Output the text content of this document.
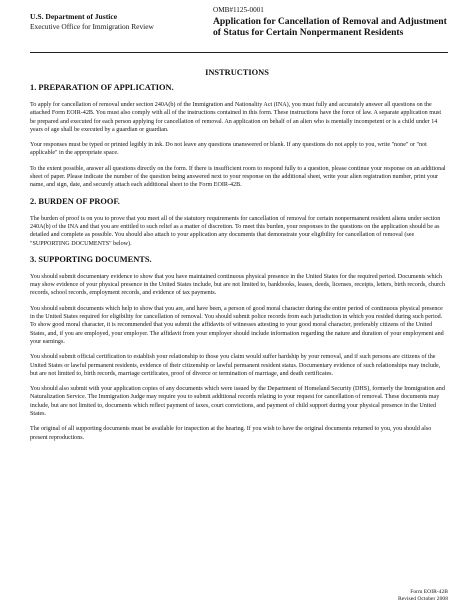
U.S. Department of Justice
Executive Office for Immigration Review
OMB#1125-0001
Application for Cancellation of Removal and Adjustment
of Status for Certain Nonpermanent Residents
INSTRUCTIONS
1. PREPARATION OF APPLICATION.

To apply for cancellation of removal under section 240A(b) of the Immigration and Nationality Act (INA), you must fully and accurately answer all questions on the attached Form EOIR-42B. You must also comply with all of the instructions contained in this form. These instructions have the force of law. A separate application must be prepared and executed for each person applying for cancellation of removal. An application on behalf of an alien who is mentally incompetent or is a child under 14 years of age shall be executed by a guardian or guardian.

Your responses must be typed or printed legibly in ink. Do not leave any questions unanswered or blank. If any questions do not apply to you, write "none" or "not applicable" in the appropriate space.

To the extent possible, answer all questions directly on the form. If there is insufficient room to respond fully to a question, please continue your response on an additional sheet of paper. Please indicate the number of the question being answered next to your response on the additional sheet, write your alien registration number, print your name, and sign, date, and securely attach each additional sheet to the Form EOIR-42B.

2. BURDEN OF PROOF.

The burden of proof is on you to prove that you meet all of the statutory requirements for cancellation of removal for certain nonpermanent resident aliens under section 240A(b) of the INA and that you are entitled to such relief as a matter of discretion. To meet this burden, your responses to the questions on the application should be as detailed and complete as possible. You should also attach to your application any documents that demonstrate your eligibility for cancellation of removal (see "SUPPORTING DOCUMENTS" below).

3. SUPPORTING DOCUMENTS.

You should submit documentary evidence to show that you have maintained continuous physical presence in the United States for the required period. Documents which may show evidence of your physical presence in the United States include, but are not limited to, bankbooks, leases, deeds, licenses, receipts, letters, birth records, church records, school records, employment records, and evidence of tax payments.

You should submit documents which help to show that you are, and have been, a person of good moral character during the entire period of continuous physical presence in the United States required for eligibility for cancellation of removal. You should submit police records from each jurisdiction in which you resided during such period. To show good moral character, it is recommended that you submit the affidavits of witnesses attesting to your good moral character, preferably citizens of the United States, and, if you are employed, your employer. The affidavit from your employer should include information regarding the nature and duration of your employment and your earnings.

You should submit official certification to establish your relationship to those you claim would suffer hardship by your removal, and if such persons are citizens of the United States or lawful permanent residents, evidence of their citizenship or lawful permanent resident status. Documentary evidence of such relationships may include, but are not limited to, birth records, marriage certificates, proof of divorce or termination of marriage, and death certificates.

You should also submit with your application copies of any documents which were issued by the Department of Homeland Security (DHS), formerly the Immigration and Naturalization Service. The Immigration Judge may require you to submit additional records relating to your request for cancellation of removal. These documents may include, but are not limited to, documents which reflect payment of taxes, court convictions, and payment of child support during your physical presence in the United States.

The original of all supporting documents must be available for inspection at the hearing. If you wish to have the original documents returned to you, you should also present reproductions.

Form EOIR-42B
Revised October 2008
